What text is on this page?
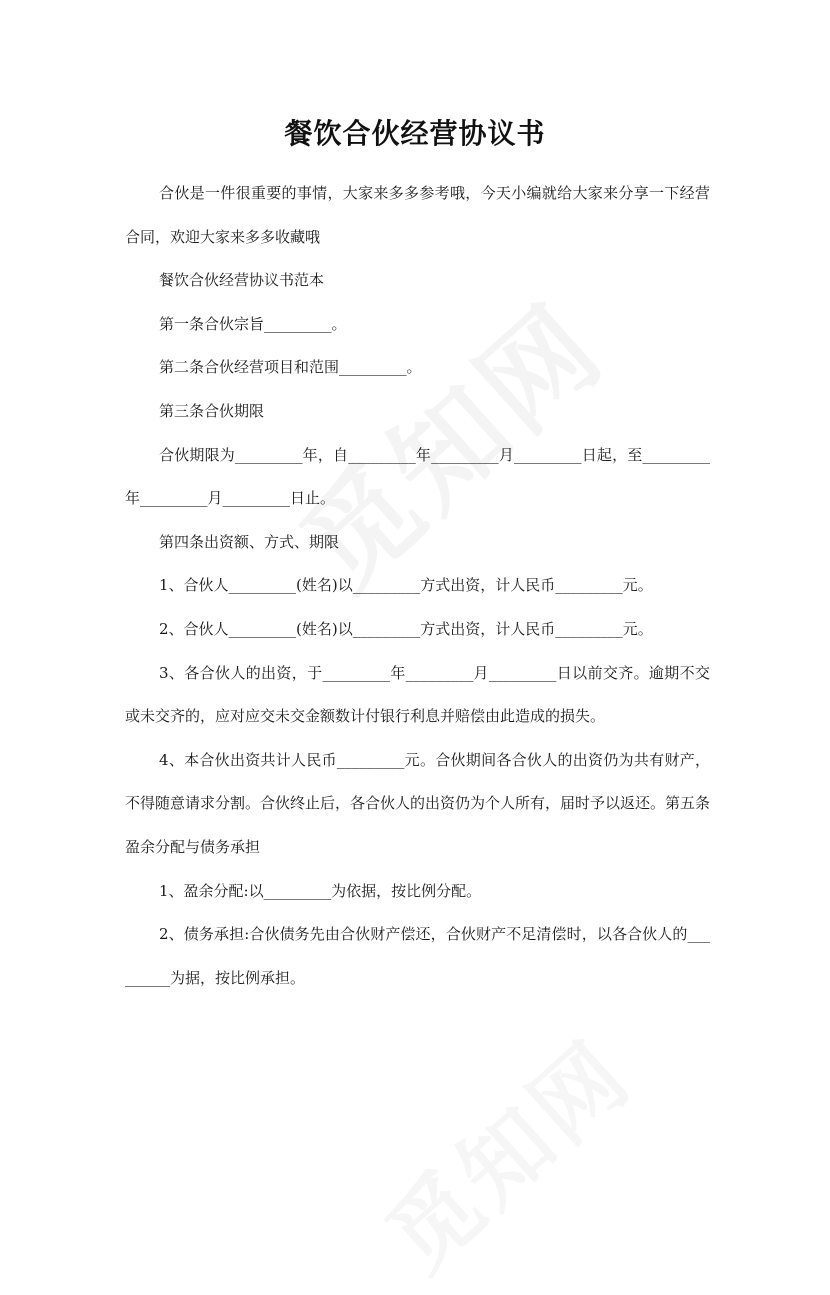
餐饮合伙经营协议书

合伙是一件很重要的事情，大家来多多参考哦，今天小编就给大家来分享一下经营合同，欢迎大家来多多收藏哦

餐饮合伙经营协议书范本

第一条合伙宗旨_________。

第二条合伙经营项目和范围_________。

第三条合伙期限

合伙期限为_________年，自_________年_________月_________日起，至_________年_________月_________日止。

第四条出资额、方式、期限

1、合伙人_________(姓名)以_________方式出资，计人民币_________元。

2、合伙人_________(姓名)以_________方式出资，计人民币_________元。

3、各合伙人的出资，于_________年_________月_________日以前交齐。逾期不交或未交齐的，应对应交未交金额数计付银行利息并赔偿由此造成的损失。

4、本合伙出资共计人民币_________元。合伙期间各合伙人的出资仍为共有财产，不得随意请求分割。合伙终止后，各合伙人的出资仍为个人所有，届时予以返还。第五条盈余分配与债务承担

1、盈余分配:以_________为依据，按比例分配。

2、债务承担:合伙债务先由合伙财产偿还，合伙财产不足清偿时，以各合伙人的_________为据，按比例承担。
